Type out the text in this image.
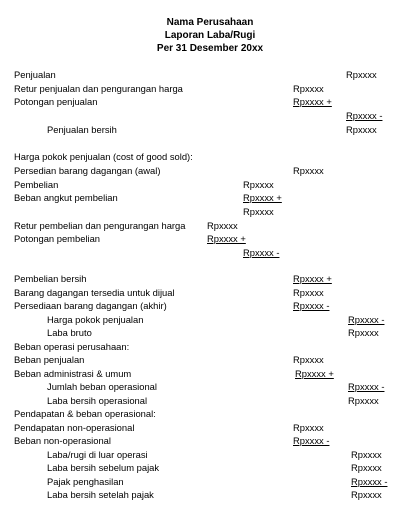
Nama Perusahaan
Laporan Laba/Rugi
Per 31 Desember 20xx
Penjualan	Rpxxxx
Retur penjualan dan pengurangan harga	Rpxxxx
Potongan penjualan	Rpxxxx +
Rpxxxx -
Penjualan bersih	Rpxxxx
Harga pokok penjualan (cost of good sold):
Persedian barang dagangan (awal)	Rpxxxx
Pembelian	Rpxxxx
Beban angkut pembelian	Rpxxxx +
Rpxxxx
Retur pembelian dan pengurangan harga Rpxxxx
Potongan pembelian	Rpxxxx +
Rpxxxx -
Pembelian bersih	Rpxxxx +
Barang dagangan tersedia untuk dijual	Rpxxxx
Persediaan barang dagangan (akhir)	Rpxxxx -
Harga pokok penjualan	Rpxxxx -
Laba bruto	Rpxxxx
Beban operasi perusahaan:
Beban penjualan	Rpxxxx
Beban administrasi & umum	Rpxxxx +
Jumlah beban operasional	Rpxxxx -
Laba bersih operasional	Rpxxxx
Pendapatan & beban operasional:
Pendapatan non-operasional	Rpxxxx
Beban non-operasional	Rpxxxx -
Laba/rugi di luar operasi	Rpxxxx
Laba bersih sebelum pajak	Rpxxxx
Pajak penghasilan	Rpxxxx -
Laba bersih setelah pajak	Rpxxxx
